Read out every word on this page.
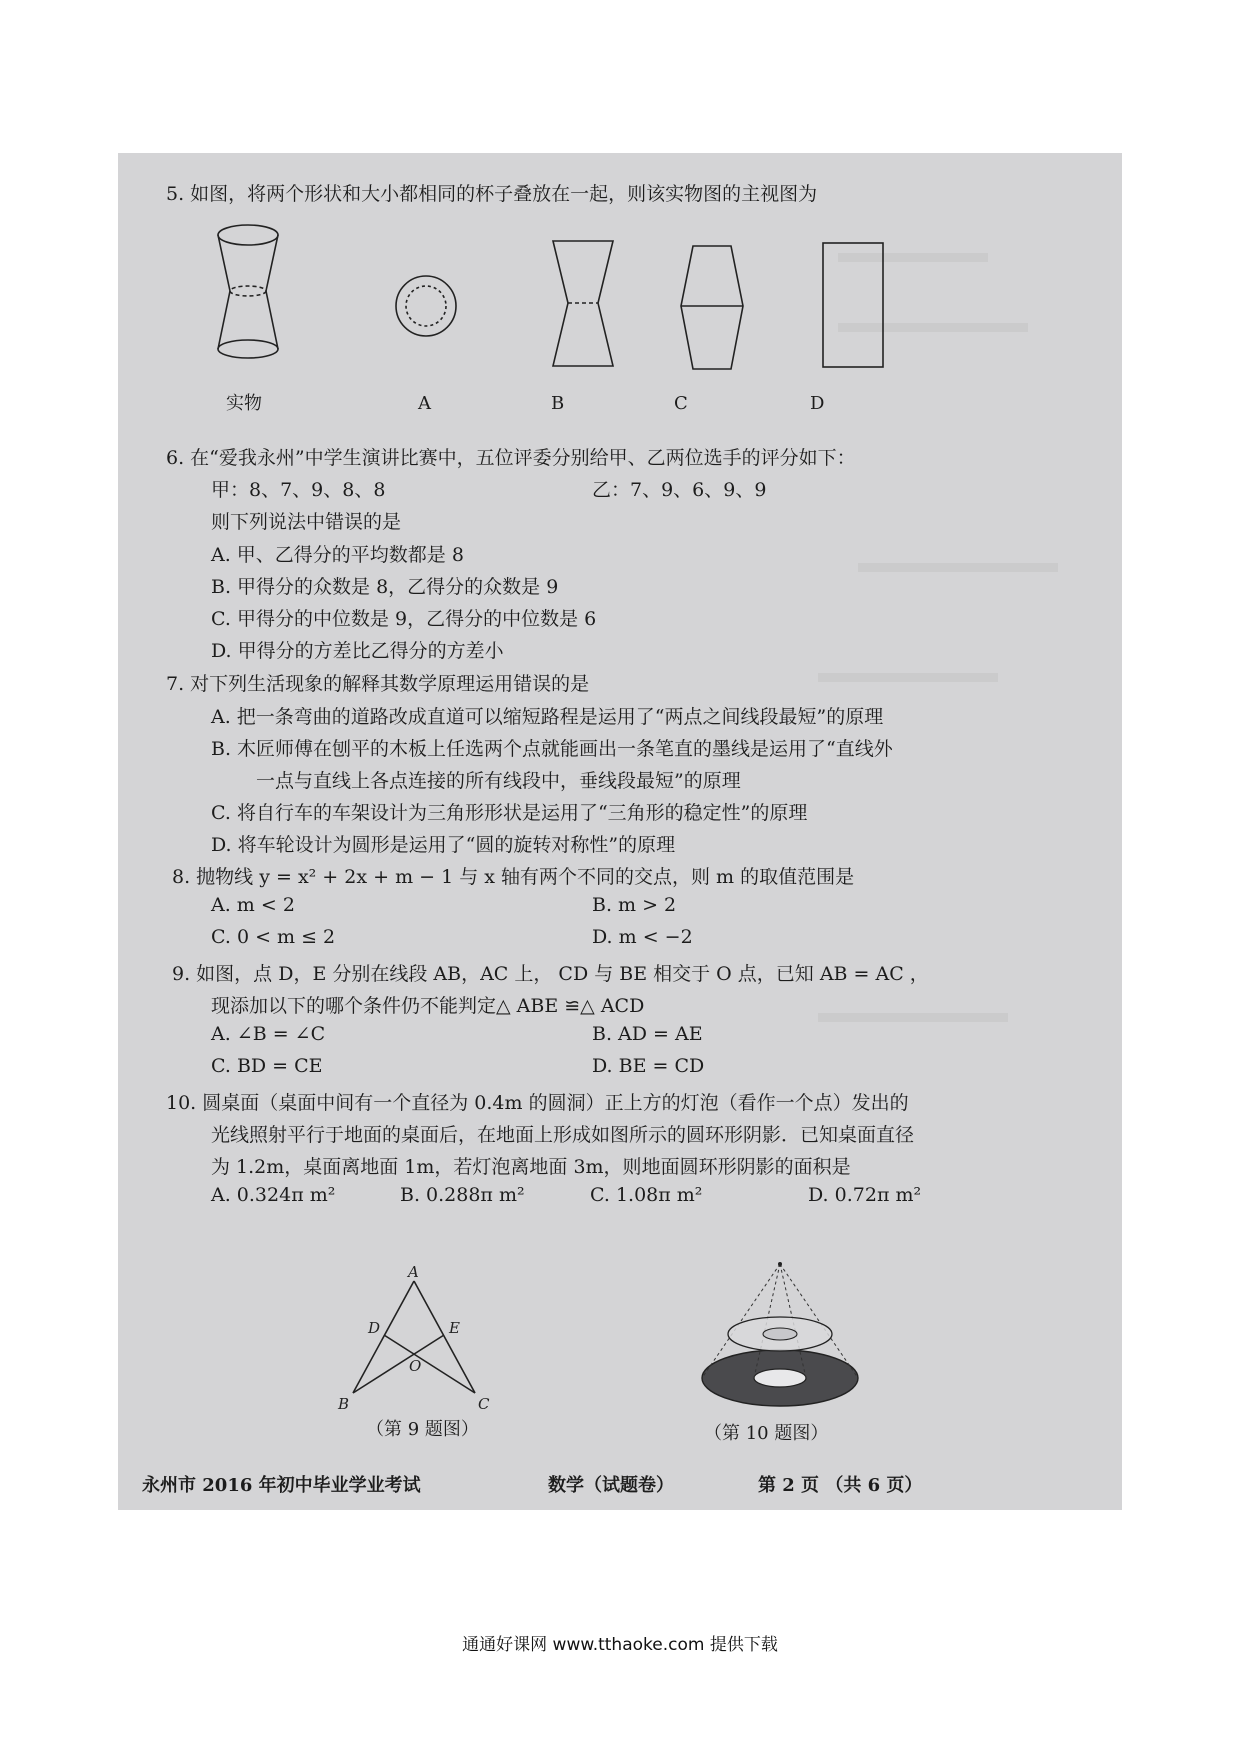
5. 如图，将两个形状和大小都相同的杯子叠放在一起，则该实物图的主视图为
实物	A	B	C	D
6. 在“爱我永州”中学生演讲比赛中，五位评委分别给甲、乙两位选手的评分如下：
甲：8、7、9、8、8	乙：7、9、6、9、9
则下列说法中错误的是
A. 甲、乙得分的平均数都是 8
B. 甲得分的众数是 8，乙得分的众数是 9
C. 甲得分的中位数是 9，乙得分的中位数是 6
D. 甲得分的方差比乙得分的方差小
7. 对下列生活现象的解释其数学原理运用错误的是
A. 把一条弯曲的道路改成直道可以缩短路程是运用了“两点之间线段最短”的原理
B. 木匠师傅在刨平的木板上任选两个点就能画出一条笔直的墨线是运用了“直线外
一点与直线上各点连接的所有线段中，垂线段最短”的原理
C. 将自行车的车架设计为三角形形状是运用了“三角形的稳定性”的原理
D. 将车轮设计为圆形是运用了“圆的旋转对称性”的原理
8. 抛物线 y = x² + 2x + m − 1 与 x 轴有两个不同的交点，则 m 的取值范围是
A. m < 2	B. m > 2
C. 0 < m ≤ 2	D. m < −2
9. 如图，点 D，E 分别在线段 AB，AC 上， CD 与 BE 相交于 O 点，已知 AB = AC ，
现添加以下的哪个条件仍不能判定△ ABE ≌△ ACD
A. ∠B = ∠C	B. AD = AE
C. BD = CE	D. BE = CD
10. 圆桌面（桌面中间有一个直径为 0.4m 的圆洞）正上方的灯泡（看作一个点）发出的
光线照射平行于地面的桌面后，在地面上形成如图所示的圆环形阴影．已知桌面直径
为 1.2m，桌面离地面 1m，若灯泡离地面 3m，则地面圆环形阴影的面积是
A. 0.324π m²	B. 0.288π m²	C. 1.08π m²	D. 0.72π m²
A
D	E
O
B	C
（第 9 题图）	（第 10 题图）
永州市 2016 年初中毕业学业考试	数学（试题卷）	第 2 页 （共 6 页）
通通好课网 www.tthaoke.com 提供下载
